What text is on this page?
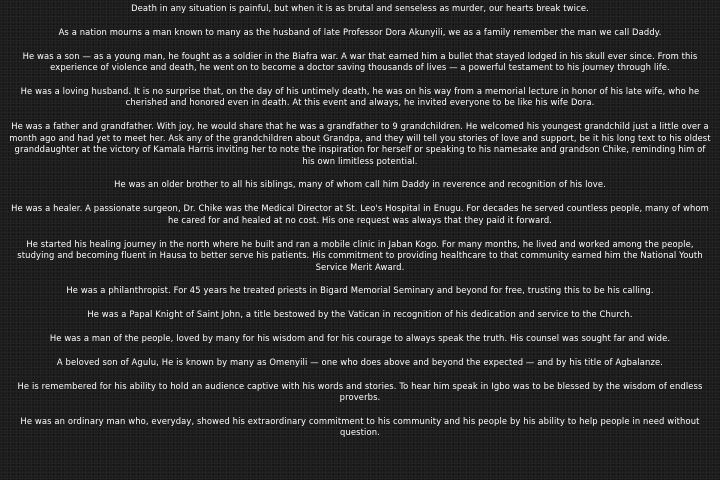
Death in any situation is painful, but when it is as brutal and senseless as murder, our hearts break twice.

As a nation mourns a man known to many as the husband of late Professor Dora Akunyili, we as a family remember the man we call Daddy.

He was a son — as a young man, he fought as a soldier in the Biafra war. A war that earned him a bullet that stayed lodged in his skull ever since. From this experience of violence and death, he went on to become a doctor saving thousands of lives — a powerful testament to his journey through life.

He was a loving husband. It is no surprise that, on the day of his untimely death, he was on his way from a memorial lecture in honor of his late wife, who he cherished and honored even in death. At this event and always, he invited everyone to be like his wife Dora.

He was a father and grandfather. With joy, he would share that he was a grandfather to 9 grandchildren. He welcomed his youngest grandchild just a little over a month ago and had yet to meet her. Ask any of the grandchildren about Grandpa, and they will tell you stories of love and support, be it his long text to his oldest granddaughter at the victory of Kamala Harris inviting her to note the inspiration for herself or speaking to his namesake and grandson Chike, reminding him of his own limitless potential.

He was an older brother to all his siblings, many of whom call him Daddy in reverence and recognition of his love.

He was a healer. A passionate surgeon, Dr. Chike was the Medical Director at St. Leo's Hospital in Enugu. For decades he served countless people, many of whom he cared for and healed at no cost. His one request was always that they paid it forward.

He started his healing journey in the north where he built and ran a mobile clinic in Jaban Kogo. For many months, he lived and worked among the people, studying and becoming fluent in Hausa to better serve his patients. His commitment to providing healthcare to that community earned him the National Youth Service Merit Award.

He was a philanthropist. For 45 years he treated priests in Bigard Memorial Seminary and beyond for free, trusting this to be his calling.

He was a Papal Knight of Saint John, a title bestowed by the Vatican in recognition of his dedication and service to the Church.

He was a man of the people, loved by many for his wisdom and for his courage to always speak the truth. His counsel was sought far and wide.

A beloved son of Agulu, He is known by many as Omenyili — one who does above and beyond the expected — and by his title of Agbalanze.

He is remembered for his ability to hold an audience captive with his words and stories. To hear him speak in Igbo was to be blessed by the wisdom of endless proverbs.

He was an ordinary man who, everyday, showed his extraordinary commitment to his community and his people by his ability to help people in need without question.
